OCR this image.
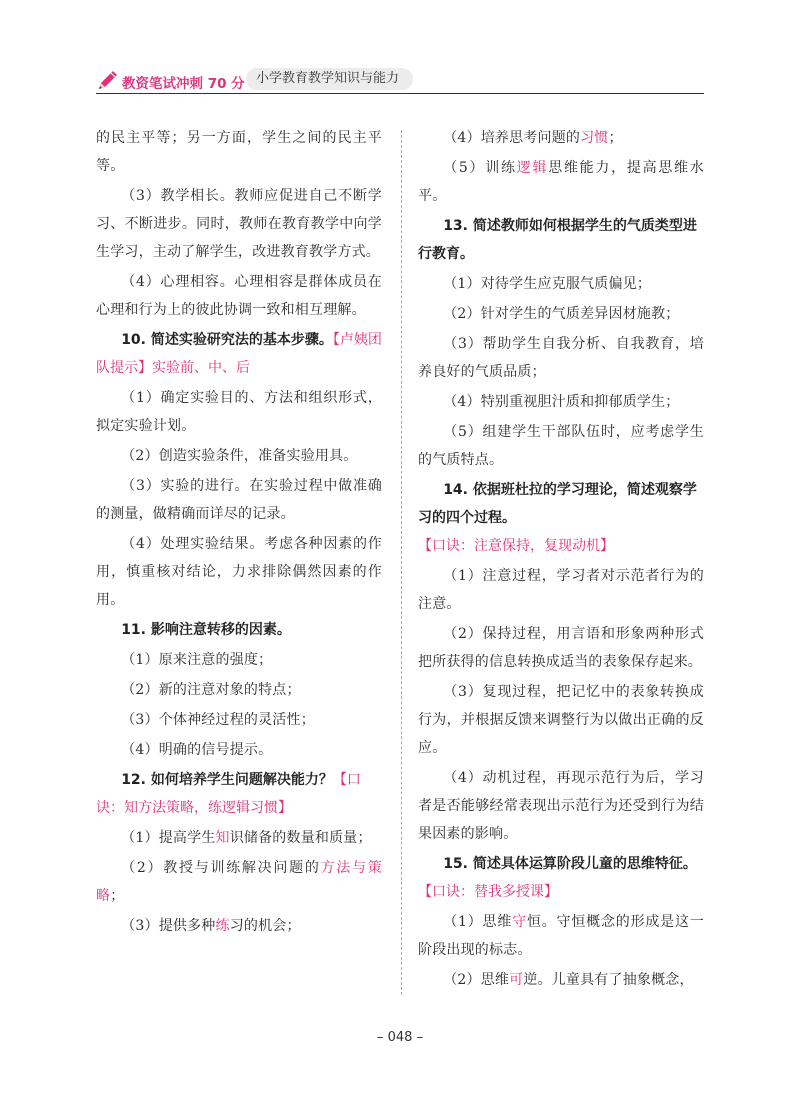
教资笔试冲刺 70 分 小学教育教学知识与能力

的民主平等；另一方面，学生之间的民主平等。

（3）教学相长。教师应促进自己不断学习、不断进步。同时，教师在教育教学中向学生学习，主动了解学生，改进教育教学方式。

（4）心理相容。心理相容是群体成员在心理和行为上的彼此协调一致和相互理解。

10. 简述实验研究法的基本步骤。【卢姨团队提示】实验前、中、后

（1）确定实验目的、方法和组织形式，拟定实验计划。

（2）创造实验条件，准备实验用具。

（3）实验的进行。在实验过程中做准确的测量，做精确而详尽的记录。

（4）处理实验结果。考虑各种因素的作用，慎重核对结论，力求排除偶然因素的作用。

11. 影响注意转移的因素。

（1）原来注意的强度；

（2）新的注意对象的特点；

（3）个体神经过程的灵活性；

（4）明确的信号提示。

12. 如何培养学生问题解决能力？【口诀：知方法策略，练逻辑习惯】

（1）提高学生知识储备的数量和质量；

（2）教授与训练解决问题的方法与策略；

（3）提供多种练习的机会；

（4）培养思考问题的习惯；

（5）训练逻辑思维能力，提高思维水平。

13. 简述教师如何根据学生的气质类型进行教育。

（1）对待学生应克服气质偏见；

（2）针对学生的气质差异因材施教；

（3）帮助学生自我分析、自我教育，培养良好的气质品质；

（4）特别重视胆汁质和抑郁质学生；

（5）组建学生干部队伍时，应考虑学生的气质特点。

14. 依据班杜拉的学习理论，简述观察学习的四个过程。【口诀：注意保持，复现动机】

（1）注意过程，学习者对示范者行为的注意。

（2）保持过程，用言语和形象两种形式把所获得的信息转换成适当的表象保存起来。

（3）复现过程，把记忆中的表象转换成行为，并根据反馈来调整行为以做出正确的反应。

（4）动机过程，再现示范行为后，学习者是否能够经常表现出示范行为还受到行为结果因素的影响。

15. 简述具体运算阶段儿童的思维特征。【口诀：替我多授课】

（1）思维守恒。守恒概念的形成是这一阶段出现的标志。

（2）思维可逆。儿童具有了抽象概念，

– 048 –
